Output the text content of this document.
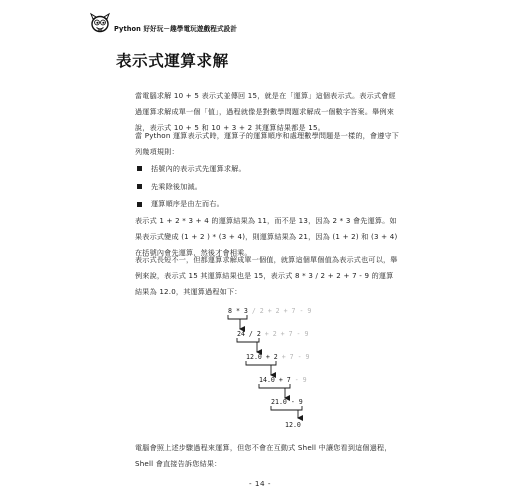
Python 好好玩－趣學電玩遊戲程式設計
表示式運算求解

當電腦求解 10 + 5 表示式並傳回 15，就是在「運算」這個表示式。表示式會經過運算求解成單一個「值」，過程就像是對數學問題求解成一個數字答案。舉例來說，表示式 10 + 5 和 10 + 3 + 2 其運算結果都是 15。

當 Python 運算表示式時，運算子的運算順序和處理數學問題是一樣的，會遵守下列幾項規則：

括號內的表示式先運算求解。
先乘除後加減。
運算順序是由左而右。

表示式 1 + 2 * 3 + 4 的運算結果為 11，而不是 13，因為 2 * 3 會先運算。如果表示式變成 (1 + 2 ) * (3 + 4)，則運算結果為 21，因為 (1 + 2) 和 (3 + 4) 在括號內會先運算，然後才會相乘。

表示式長短不一，但都運算求解成單一個值，就算這個單個值為表示式也可以，舉例來說，表示式 15 其運算結果也是 15，表示式 8 * 3 / 2 + 2 + 7 - 9 的運算結果為 12.0，其運算過程如下：

8 * 3 / 2 + 2 + 7 - 9
24 / 2 + 2 + 7 - 9
12.0 + 2 + 7 - 9
14.0 + 7 - 9
21.0 - 9
12.0

電腦會照上述步驟過程來運算，但您不會在互動式 Shell 中讓您看到這個過程，Shell 會直接告訴您結果：

- 14 -
